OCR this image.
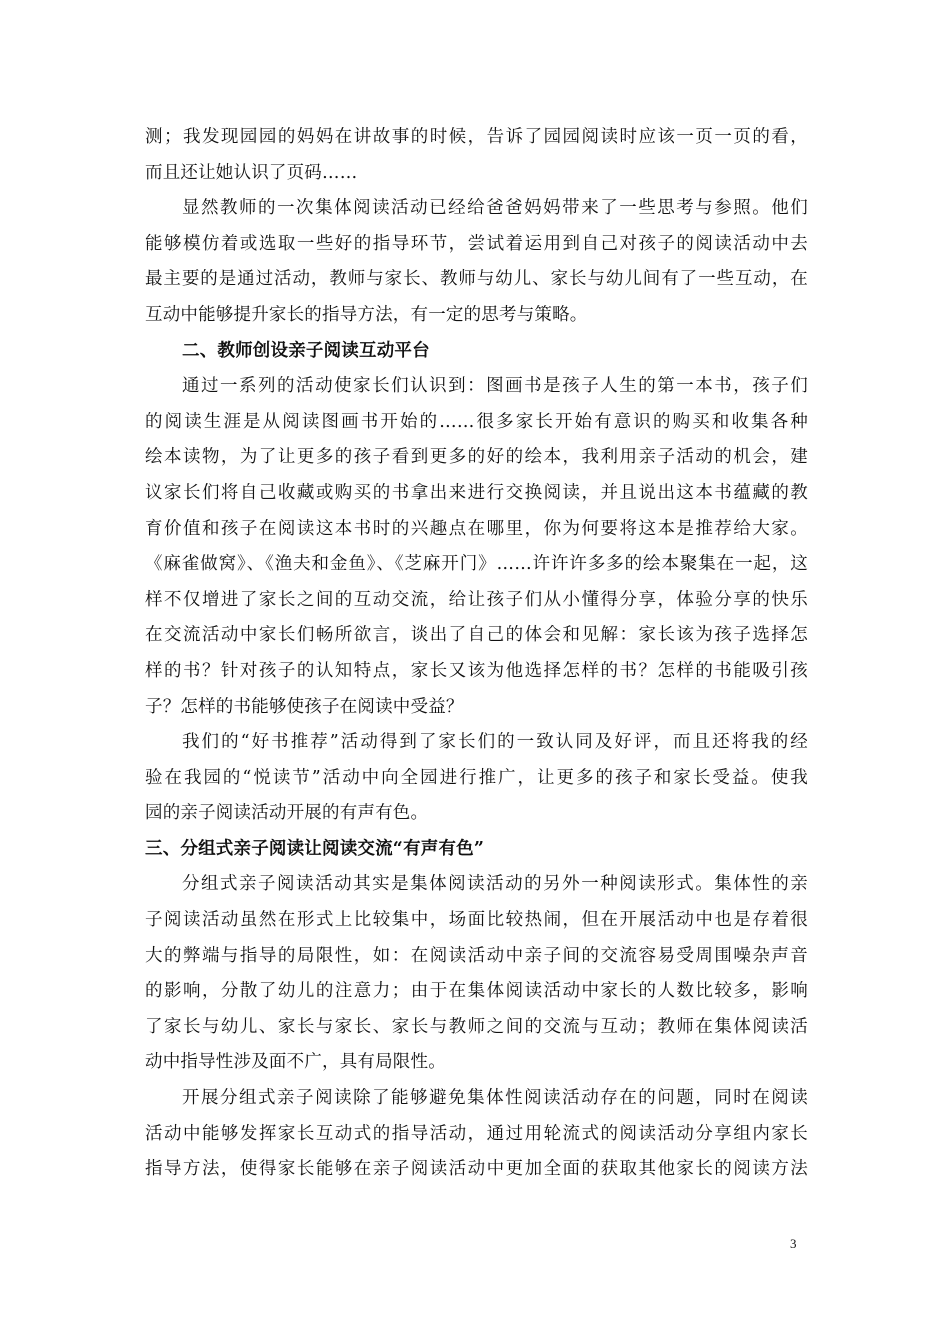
测；我发现园园的妈妈在讲故事的时候，告诉了园园阅读时应该一页一页的看，
而且还让她认识了页码……
显然教师的一次集体阅读活动已经给爸爸妈妈带来了一些思考与参照。他们
能够模仿着或选取一些好的指导环节，尝试着运用到自己对孩子的阅读活动中去
最主要的是通过活动，教师与家长、教师与幼儿、家长与幼儿间有了一些互动，在
互动中能够提升家长的指导方法，有一定的思考与策略。
二、教师创设亲子阅读互动平台
通过一系列的活动使家长们认识到：图画书是孩子人生的第一本书，孩子们
的阅读生涯是从阅读图画书开始的……很多家长开始有意识的购买和收集各种
绘本读物，为了让更多的孩子看到更多的好的绘本，我利用亲子活动的机会，建
议家长们将自己收藏或购买的书拿出来进行交换阅读，并且说出这本书蕴藏的教
育价值和孩子在阅读这本书时的兴趣点在哪里，你为何要将这本是推荐给大家。
《麻雀做窝》、《渔夫和金鱼》、《芝麻开门》……许许许多多的绘本聚集在一起，这
样不仅增进了家长之间的互动交流，给让孩子们从小懂得分享，体验分享的快乐
在交流活动中家长们畅所欲言，谈出了自己的体会和见解：家长该为孩子选择怎
样的书？针对孩子的认知特点，家长又该为他选择怎样的书？怎样的书能吸引孩
子？怎样的书能够使孩子在阅读中受益？
我们的“好书推荐”活动得到了家长们的一致认同及好评，而且还将我的经
验在我园的“悦读节”活动中向全园进行推广，让更多的孩子和家长受益。使我
园的亲子阅读活动开展的有声有色。
三、分组式亲子阅读让阅读交流“有声有色”
分组式亲子阅读活动其实是集体阅读活动的另外一种阅读形式。集体性的亲
子阅读活动虽然在形式上比较集中，场面比较热闹，但在开展活动中也是存着很
大的弊端与指导的局限性，如：在阅读活动中亲子间的交流容易受周围噪杂声音
的影响，分散了幼儿的注意力；由于在集体阅读活动中家长的人数比较多，影响
了家长与幼儿、家长与家长、家长与教师之间的交流与互动；教师在集体阅读活
动中指导性涉及面不广，具有局限性。
开展分组式亲子阅读除了能够避免集体性阅读活动存在的问题，同时在阅读
活动中能够发挥家长互动式的指导活动，通过用轮流式的阅读活动分享组内家长
指导方法，使得家长能够在亲子阅读活动中更加全面的获取其他家长的阅读方法
3
